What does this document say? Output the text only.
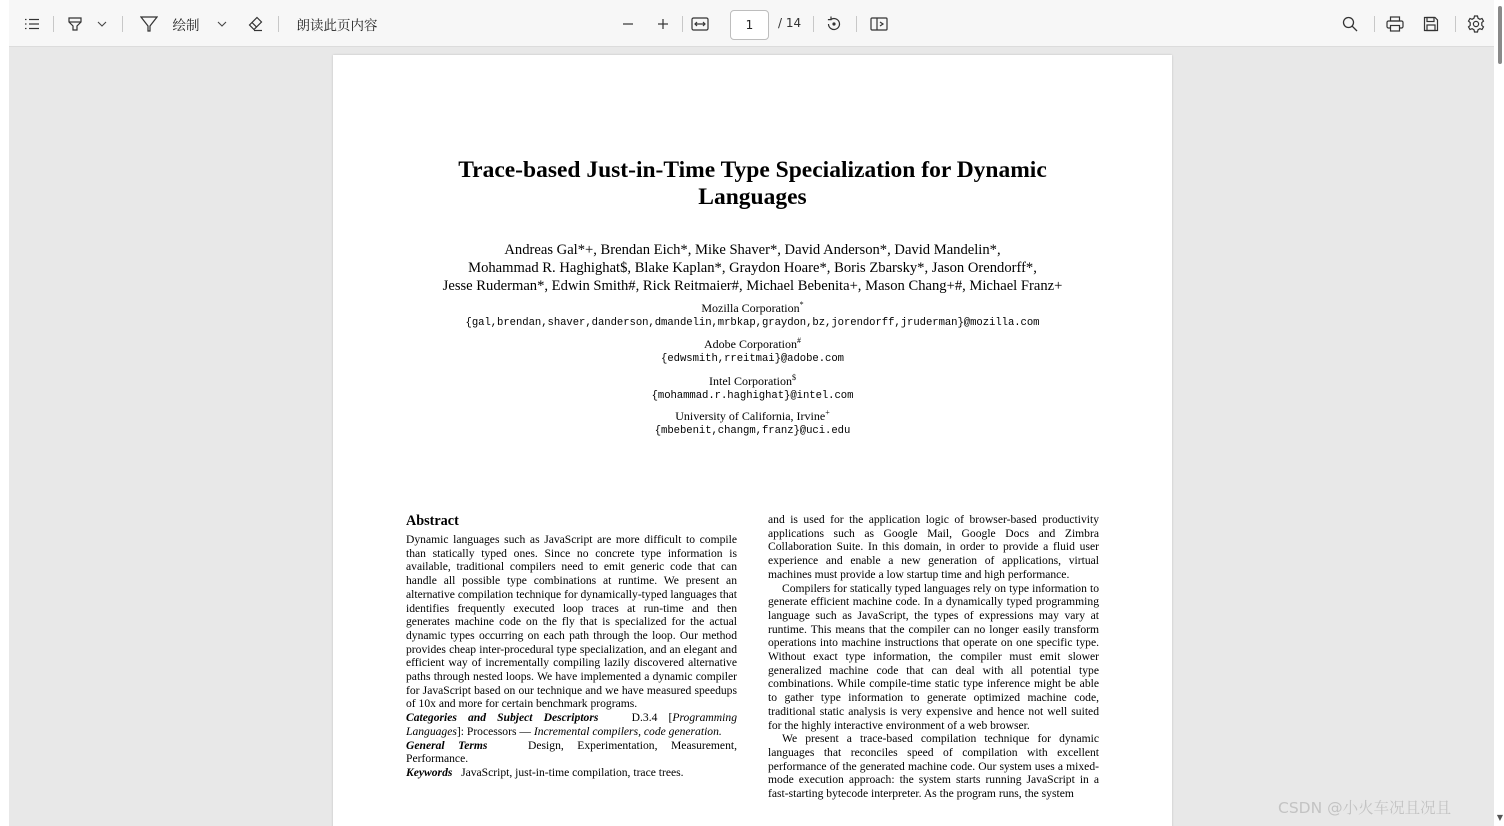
绘制	朗读此页内容	1	/ 14
Trace-based Just-in-Time Type Specialization for Dynamic
Languages
Andreas Gal*+, Brendan Eich*, Mike Shaver*, David Anderson*, David Mandelin*,
Mohammad R. Haghighat$, Blake Kaplan*, Graydon Hoare*, Boris Zbarsky*, Jason Orendorff*,
Jesse Ruderman*, Edwin Smith#, Rick Reitmaier#, Michael Bebenita+, Mason Chang+#, Michael Franz+
Mozilla Corporation*
{gal,brendan,shaver,danderson,dmandelin,mrbkap,graydon,bz,jorendorff,jruderman}@mozilla.com
Adobe Corporation#
{edwsmith,rreitmai}@adobe.com
Intel Corporation$
{mohammad.r.haghighat}@intel.com
University of California, Irvine+
{mbebenit,changm,franz}@uci.edu
Abstract

Dynamic languages such as JavaScript are more difficult to compile than statically typed ones. Since no concrete type information is available, traditional compilers need to emit generic code that can handle all possible type combinations at runtime. We present an alternative compilation technique for dynamically-typed languages that identifies frequently executed loop traces at run-time and then generates machine code on the fly that is specialized for the actual dynamic types occurring on each path through the loop. Our method provides cheap inter-procedural type specialization, and an elegant and efficient way of incrementally compiling lazily discovered alternative paths through nested loops. We have implemented a dynamic compiler for JavaScript based on our technique and we have measured speedups of 10x and more for certain benchmark programs.

Categories and Subject Descriptors	D.3.4 [Programming Languages]: Processors — Incremental compilers, code generation.

General Terms	Design, Experimentation, Measurement, Performance.

Keywords JavaScript, just-in-time compilation, trace trees.

and is used for the application logic of browser-based productivity applications such as Google Mail, Google Docs and Zimbra Collaboration Suite. In this domain, in order to provide a fluid user experience and enable a new generation of applications, virtual machines must provide a low startup time and high performance.

Compilers for statically typed languages rely on type information to generate efficient machine code. In a dynamically typed programming language such as JavaScript, the types of expressions may vary at runtime. This means that the compiler can no longer easily transform operations into machine instructions that operate on one specific type. Without exact type information, the compiler must emit slower generalized machine code that can deal with all potential type combinations. While compile-time static type inference might be able to gather type information to generate optimized machine code, traditional static analysis is very expensive and hence not well suited for the highly interactive environment of a web browser.

We present a trace-based compilation technique for dynamic languages that reconciles speed of compilation with excellent performance of the generated machine code. Our system uses a mixed-mode execution approach: the system starts running JavaScript in a fast-starting bytecode interpreter. As the program runs, the system

▼
CSDN @小火车况且况且
